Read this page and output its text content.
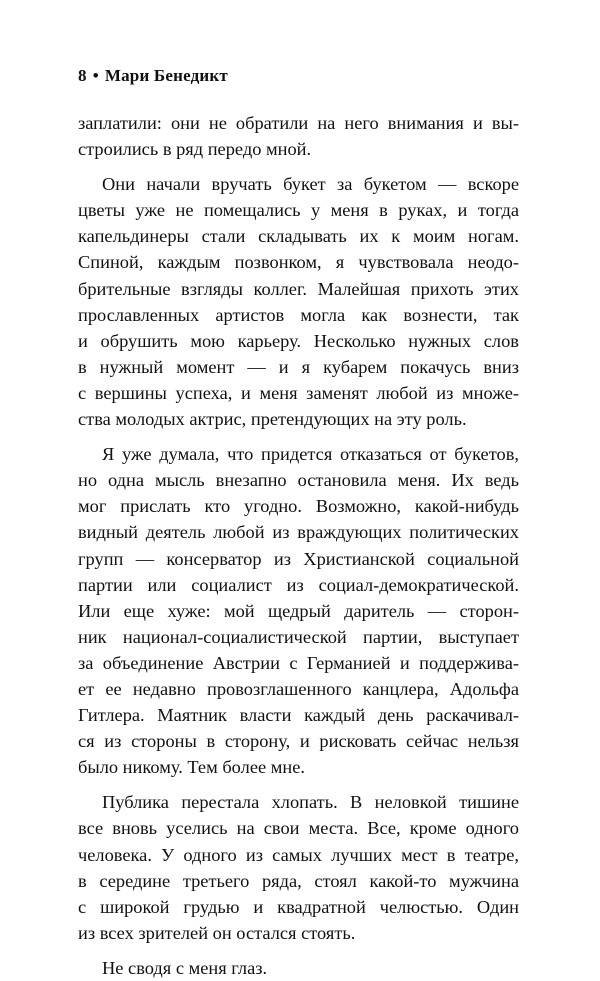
8 • Мари Бенедикт
заплатили: они не обратили на него внимания и вы-
строились в ряд передо мной.
Они начали вручать букет за букетом — вскоре
цветы уже не помещались у меня в руках, и тогда
капельдинеры стали складывать их к моим ногам.
Спиной, каждым позвонком, я чувствовала неодо-
брительные взгляды коллег. Малейшая прихоть этих
прославленных артистов могла как вознести, так
и обрушить мою карьеру. Несколько нужных слов
в нужный момент — и я кубарем покачусь вниз
с вершины успеха, и меня заменят любой из множе-
ства молодых актрис, претендующих на эту роль.
Я уже думала, что придется отказаться от букетов,
но одна мысль внезапно остановила меня. Их ведь
мог прислать кто угодно. Возможно, какой-нибудь
видный деятель любой из враждующих политических
групп — консерватор из Христианской социальной
партии или социалист из социал-демократической.
Или еще хуже: мой щедрый даритель — сторон-
ник национал-социалистической партии, выступает
за объединение Австрии с Германией и поддержива-
ет ее недавно провозглашенного канцлера, Адольфа
Гитлера. Маятник власти каждый день раскачивал-
ся из стороны в сторону, и рисковать сейчас нельзя
было никому. Тем более мне.
Публика перестала хлопать. В неловкой тишине
все вновь уселись на свои места. Все, кроме одного
человека. У одного из самых лучших мест в театре,
в середине третьего ряда, стоял какой-то мужчина
с широкой грудью и квадратной челюстью. Один
из всех зрителей он остался стоять.
Не сводя с меня глаз.
